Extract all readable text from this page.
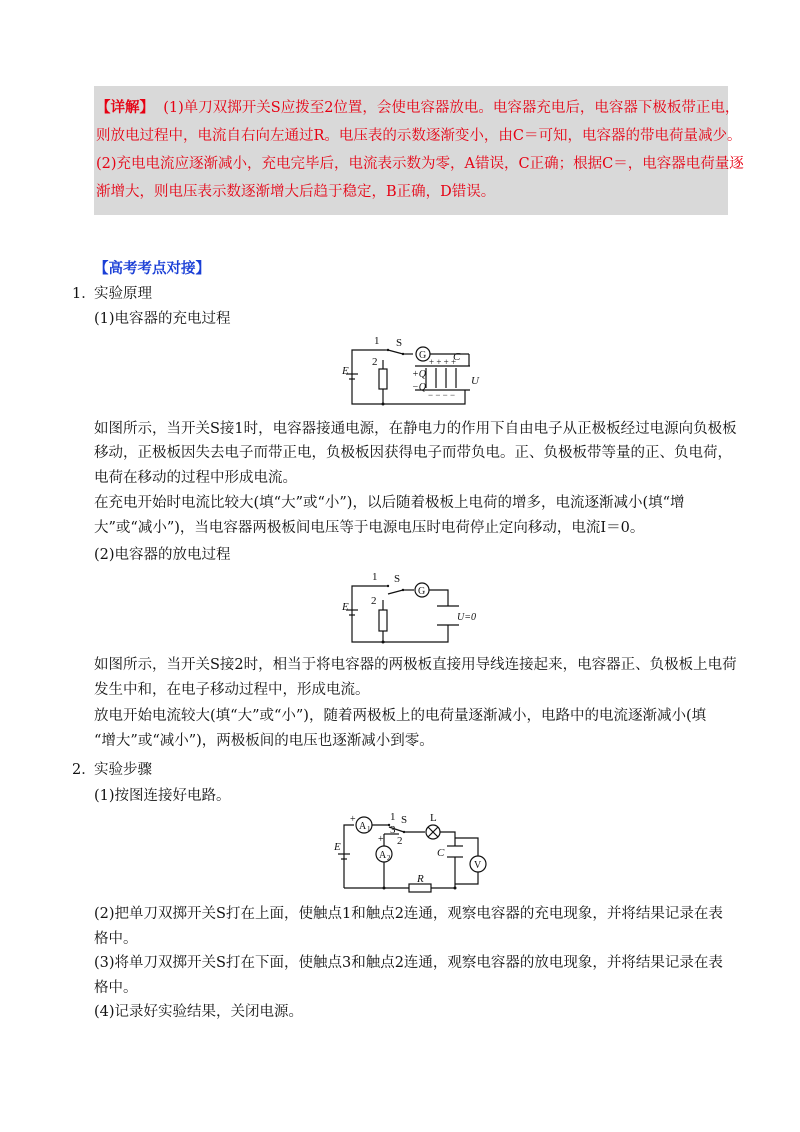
【详解】 (1)单刀双掷开关S应拨至2位置，会使电容器放电。电容器充电后，电容器下极板带正电，

则放电过程中，电流自右向左通过R。电压表的示数逐渐变小，由C＝可知，电容器的带电荷量减少。

(2)充电电流应逐渐减小，充电完毕后，电流表示数为零，A错误，C正确；根据C＝，电容器电荷量逐

渐增大，则电压表示数逐渐增大后趋于稳定，B正确，D错误。

【高考考点对接】
1．
实验原理
(1)电容器的充电过程
1 S
2
G C
E	+Q
−Q
+ + + +
− − − −
U
如图所示，当开关S接1时，电容器接通电源，在静电力的作用下自由电子从正极板经过电源向负极板
移动，正极板因失去电子而带正电，负极板因获得电子而带负电。正、负极板带等量的正、负电荷，
电荷在移动的过程中形成电流。
在充电开始时电流比较大(填“大”或“小”)，以后随着极板上电荷的增多，电流逐渐减小(填“增
大”或“减小”)，当电容器两极板间电压等于电源电压时电荷停止定向移动，电流I＝0。
(2)电容器的放电过程
1 S
2
G
E
U=0
如图所示，当开关S接2时，相当于将电容器的两极板直接用导线连接起来，电容器正、负极板上电荷
发生中和，在电子移动过程中，形成电流。
放电开始电流较大(填“大”或“小”)，随着两极板上的电荷量逐渐减小，电路中的电流逐渐减小(填
“增大”或“减小”)，两极板间的电压也逐渐减小到零。
2．
实验步骤
(1)按图连接好电路。
+
A 1
1 S
3
2
L
E
+
A 2	C
V
R
(2)把单刀双掷开关S打在上面，使触点1和触点2连通，观察电容器的充电现象，并将结果记录在表
格中。
(3)将单刀双掷开关S打在下面，使触点3和触点2连通，观察电容器的放电现象，并将结果记录在表
格中。
(4)记录好实验结果，关闭电源。
